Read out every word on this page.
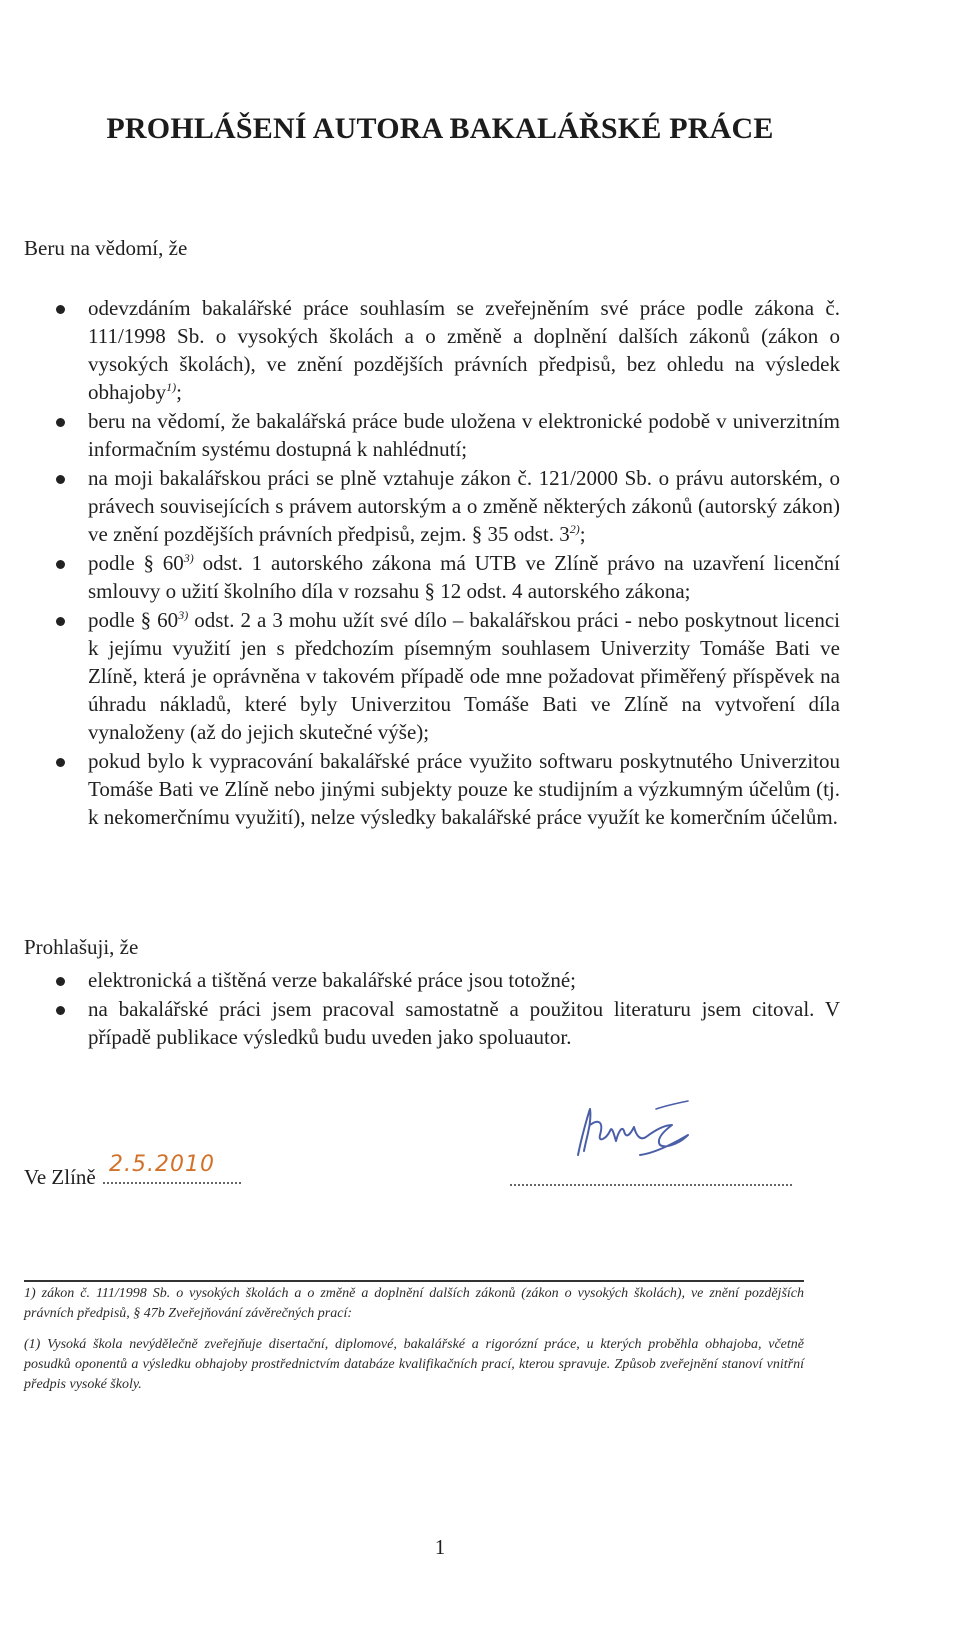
PROHLÁŠENÍ AUTORA BAKALÁŘSKÉ PRÁCE

Beru na vědomí, že

odevzdáním bakalářské práce souhlasím se zveřejněním své práce podle zákona č. 111/1998 Sb. o vysokých školách a o změně a doplnění dalších zákonů (zákon o vysokých školách), ve znění pozdějších právních předpisů, bez ohledu na výsledek obhajoby$^{1)}$;
beru na vědomí, že bakalářská práce bude uložena v elektronické podobě v univerzitním informačním systému dostupná k nahlédnutí;
na moji bakalářskou práci se plně vztahuje zákon č. 121/2000 Sb. o právu autorském, o právech souvisejících s právem autorským a o změně některých zákonů (autorský zákon) ve znění pozdějších právních předpisů, zejm. § 35 odst. 3$^{2)}$;
podle § 60$^{3)}$ odst. 1 autorského zákona má UTB ve Zlíně právo na uzavření licenční smlouvy o užití školního díla v rozsahu § 12 odst. 4 autorského zákona;
podle § 60$^{3)}$ odst. 2 a 3 mohu užít své dílo – bakalářskou práci - nebo poskytnout licenci k jejímu využití jen s předchozím písemným souhlasem Univerzity Tomáše Bati ve Zlíně, která je oprávněna v takovém případě ode mne požadovat přiměřený příspěvek na úhradu nákladů, které byly Univerzitou Tomáše Bati ve Zlíně na vytvoření díla vynaloženy (až do jejich skutečné výše);
pokud bylo k vypracování bakalářské práce využito softwaru poskytnutého Univerzitou Tomáše Bati ve Zlíně nebo jinými subjekty pouze ke studijním a výzkumným účelům (tj. k nekomerčnímu využití), nelze výsledky bakalářské práce využít ke komerčním účelům.

Prohlašuji, že

elektronická a tištěná verze bakalářské práce jsou totožné;
na bakalářské práci jsem pracoval samostatně a použitou literaturu jsem citoval. V případě publikace výsledků budu uveden jako spoluautor.
Ve Zlíně 2.5.2010

1) zákon č. 111/1998 Sb. o vysokých školách a o změně a doplnění dalších zákonů (zákon o vysokých školách), ve znění pozdějších právních předpisů, § 47b Zveřejňování závěrečných prací:

(1) Vysoká škola nevýdělečně zveřejňuje disertační, diplomové, bakalářské a rigorózní práce, u kterých proběhla obhajoba, včetně posudků oponentů a výsledku obhajoby prostřednictvím databáze kvalifikačních prací, kterou spravuje. Způsob zveřejnění stanoví vnitřní předpis vysoké školy.

1
